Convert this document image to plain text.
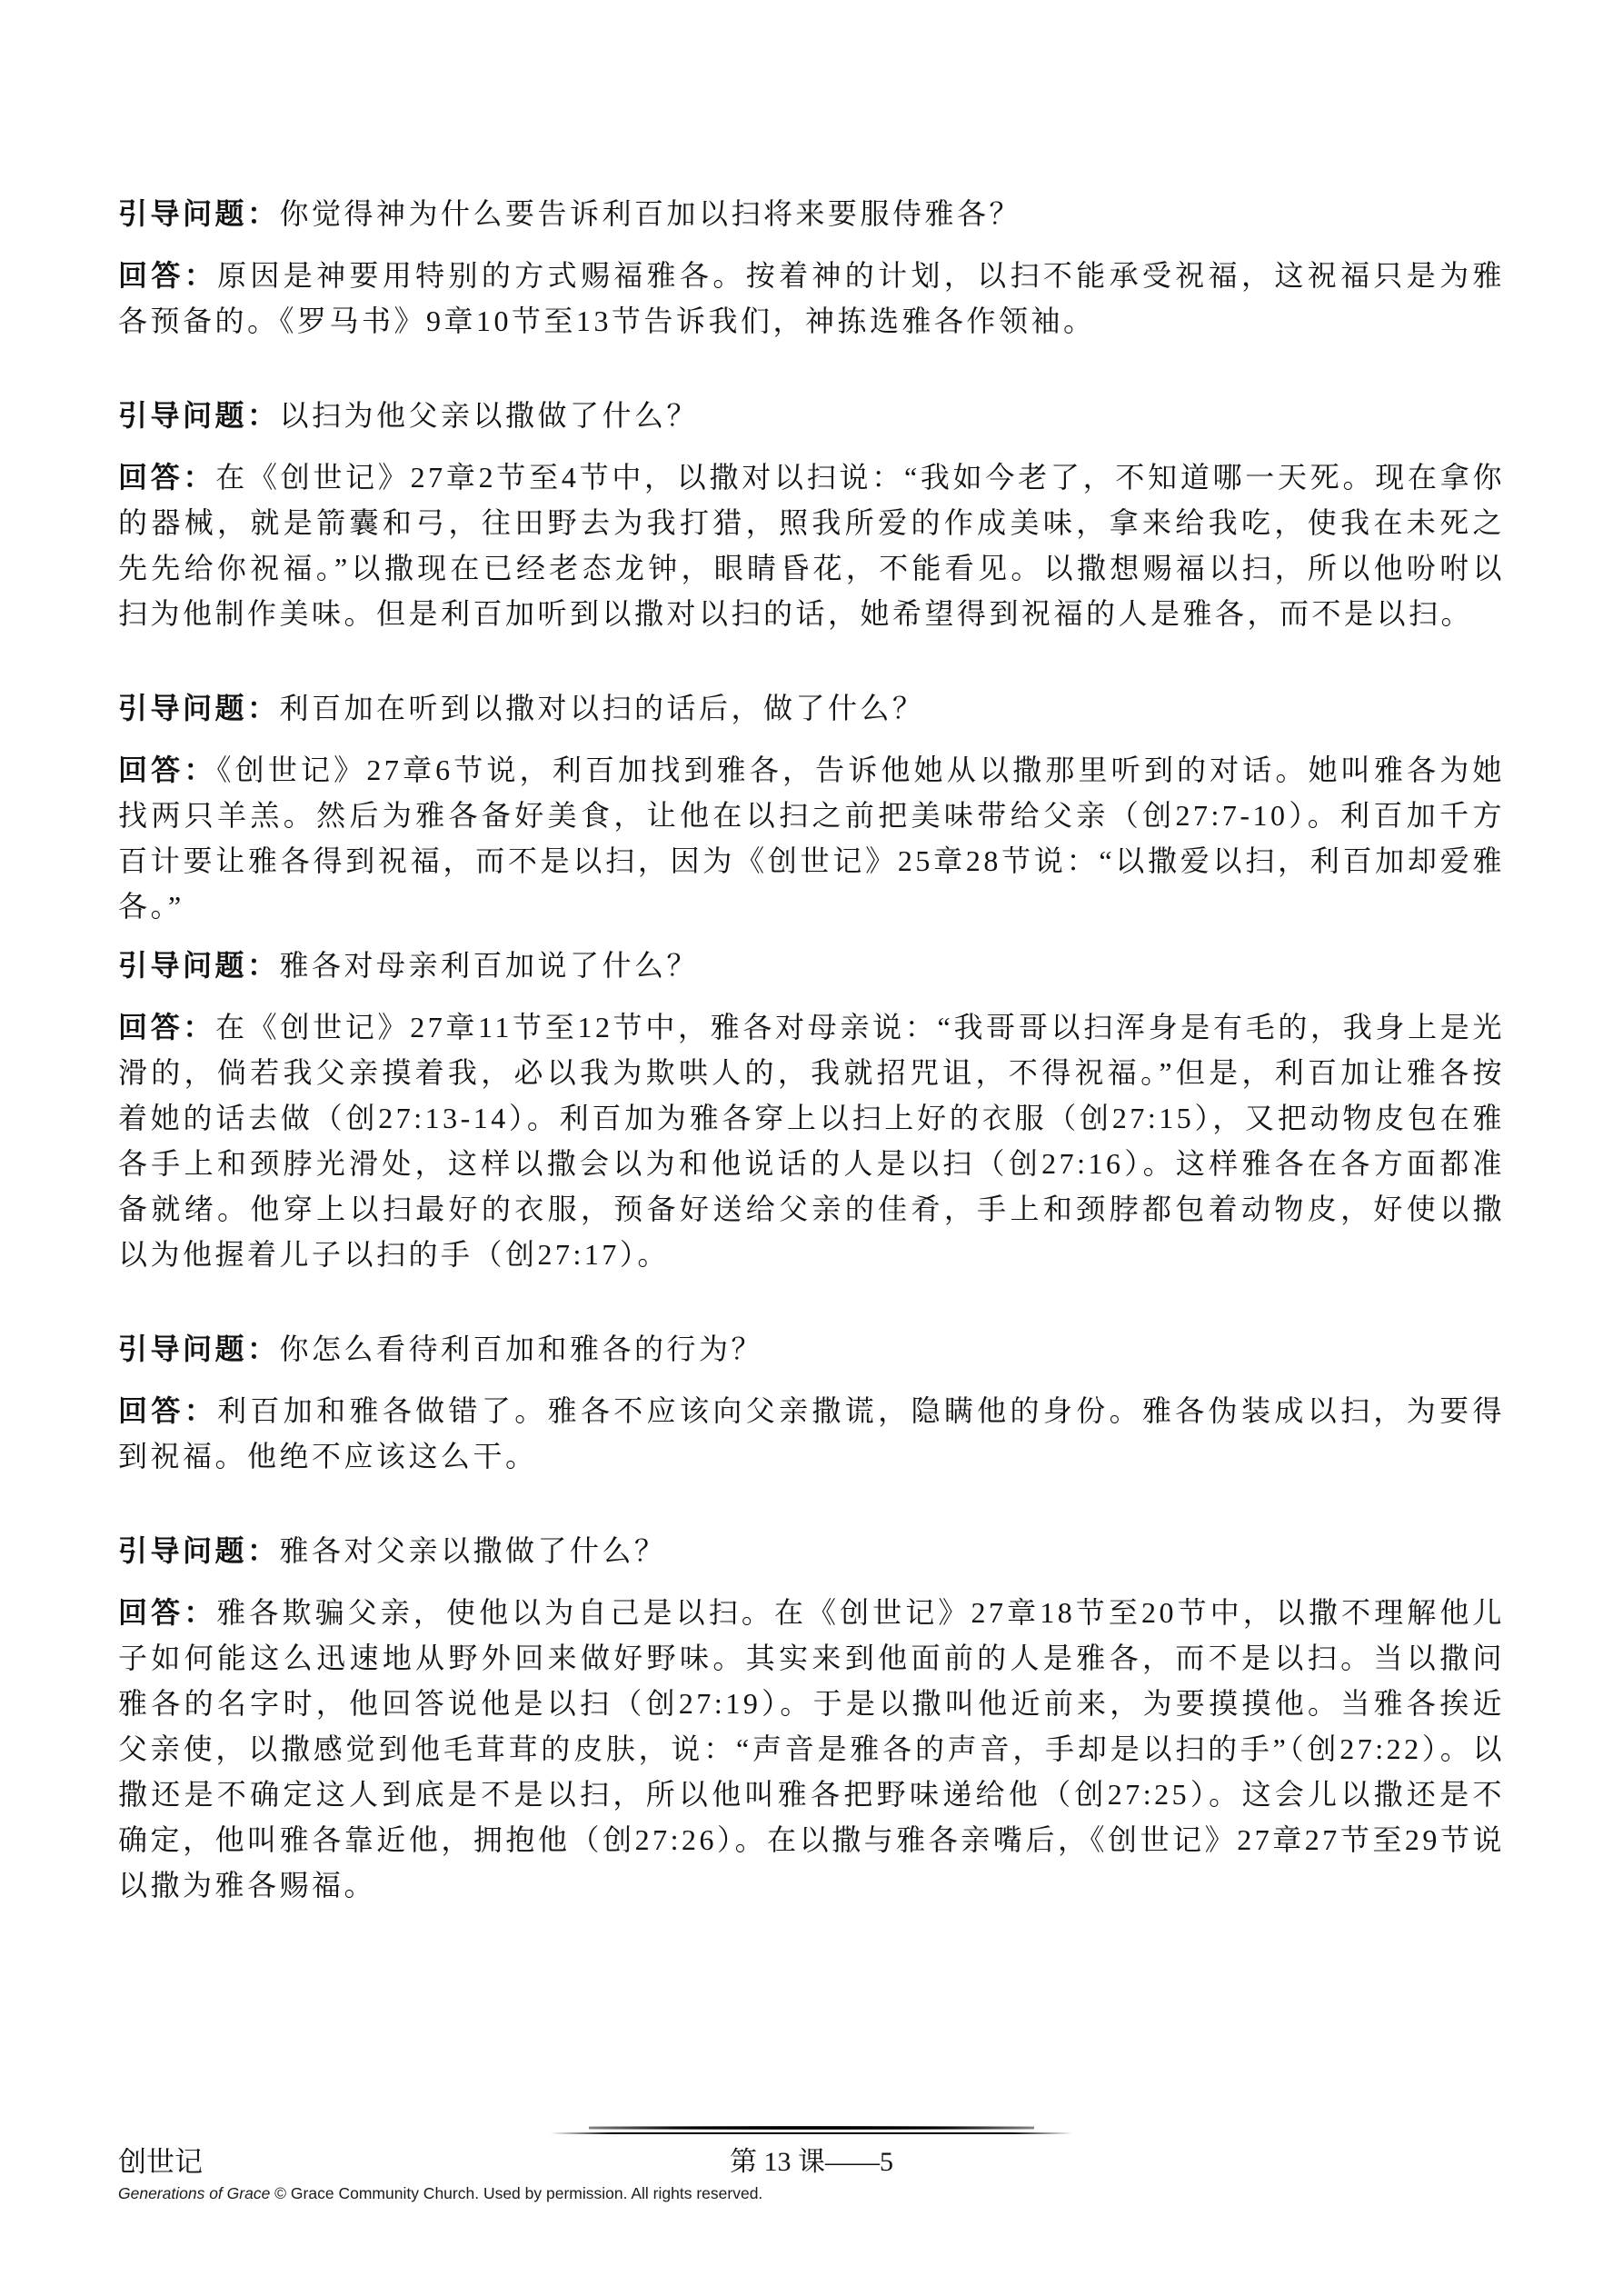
引导问题：你觉得神为什么要告诉利百加以扫将来要服侍雅各？

回答：原因是神要用特别的方式赐福雅各。按着神的计划，以扫不能承受祝福，这祝福只是为雅各预备的。《罗马书》9章10节至13节告诉我们，神拣选雅各作领袖。

引导问题：以扫为他父亲以撒做了什么？

回答：在《创世记》27章2节至4节中，以撒对以扫说：“我如今老了，不知道哪一天死。现在拿你的器械，就是箭囊和弓，往田野去为我打猎，照我所爱的作成美味，拿来给我吃，使我在未死之先先给你祝福。”以撒现在已经老态龙钟，眼睛昏花，不能看见。以撒想赐福以扫，所以他吩咐以扫为他制作美味。但是利百加听到以撒对以扫的话，她希望得到祝福的人是雅各，而不是以扫。

引导问题：利百加在听到以撒对以扫的话后，做了什么？

回答：《创世记》27章6节说，利百加找到雅各，告诉他她从以撒那里听到的对话。她叫雅各为她找两只羊羔。然后为雅各备好美食，让他在以扫之前把美味带给父亲（创27:7-10）。利百加千方百计要让雅各得到祝福，而不是以扫，因为《创世记》25章28节说：“以撒爱以扫，利百加却爱雅各。”

引导问题：雅各对母亲利百加说了什么？

回答：在《创世记》27章11节至12节中，雅各对母亲说：“我哥哥以扫浑身是有毛的，我身上是光滑的，倘若我父亲摸着我，必以我为欺哄人的，我就招咒诅，不得祝福。”但是，利百加让雅各按着她的话去做（创27:13-14）。利百加为雅各穿上以扫上好的衣服（创27:15），又把动物皮包在雅各手上和颈脖光滑处，这样以撒会以为和他说话的人是以扫（创27:16）。这样雅各在各方面都准备就绪。他穿上以扫最好的衣服，预备好送给父亲的佳肴，手上和颈脖都包着动物皮，好使以撒以为他握着儿子以扫的手（创27:17）。

引导问题：你怎么看待利百加和雅各的行为？

回答：利百加和雅各做错了。雅各不应该向父亲撒谎，隐瞒他的身份。雅各伪装成以扫，为要得到祝福。他绝不应该这么干。

引导问题：雅各对父亲以撒做了什么？

回答：雅各欺骗父亲，使他以为自己是以扫。在《创世记》27章18节至20节中，以撒不理解他儿子如何能这么迅速地从野外回来做好野味。其实来到他面前的人是雅各，而不是以扫。当以撒问雅各的名字时，他回答说他是以扫（创27:19）。于是以撒叫他近前来，为要摸摸他。当雅各挨近父亲使，以撒感觉到他毛茸茸的皮肤，说：“声音是雅各的声音，手却是以扫的手”（创27:22）。以撒还是不确定这人到底是不是以扫，所以他叫雅各把野味递给他（创27:25）。这会儿以撒还是不确定，他叫雅各靠近他，拥抱他（创27:26）。在以撒与雅各亲嘴后，《创世记》27章27节至29节说以撒为雅各赐福。

创世记	第 13 课——5
Generations of Grace © Grace Community Church. Used by permission. All rights reserved.
